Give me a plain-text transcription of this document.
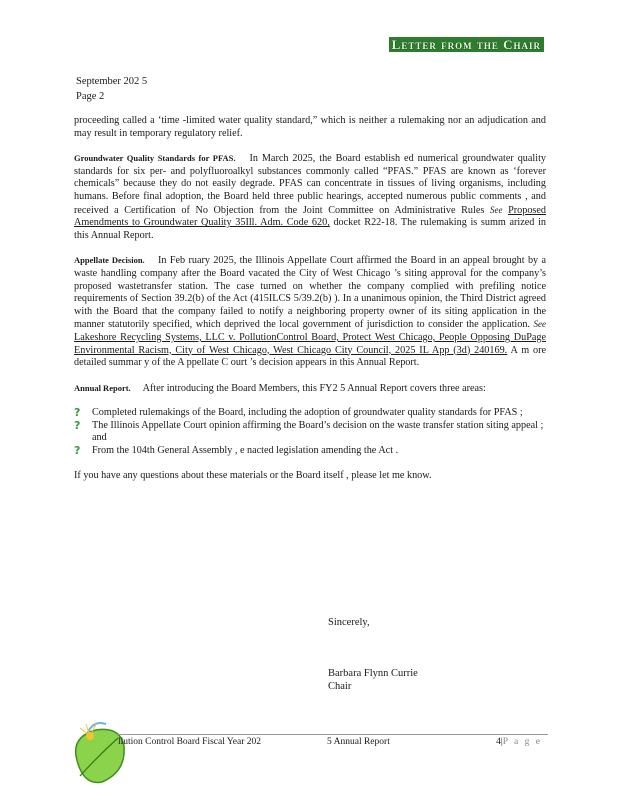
Letter from the Chair
September 202 5
Page 2

proceeding called a ‘time -limited water quality standard,” which is neither a rulemaking nor an adjudication and may result in temporary regulatory relief.

Groundwater Quality Standards for PFAS. In March 2025, the Board establish ed numerical groundwater quality standards for six per- and polyfluoroalkyl substances commonly called “PFAS.” PFAS are known as ‘forever chemicals” because they do not easily degrade. PFAS can concentrate in tissues of living organisms, including humans. Before final adoption, the Board held three public hearings, accepted numerous public comments , and received a Certification of No Objection from the Joint Committee on Administrative Rules See Proposed Amendments to Groundwater Quality 35Ill. Adm. Code 620, docket R22-18. The rulemaking is summ arized in this Annual Report.

Appellate Decision. In Feb ruary 2025, the Illinois Appellate Court affirmed the Board in an appeal brought by a waste handling company after the Board vacated the City of West Chicago ’s siting approval for the company’s proposed wastetransfer station. The case turned on whether the company complied with prefiling notice requirements of Section 39.2(b) of the Act (415ILCS 5/39.2(b) ). In a unanimous opinion, the Third District agreed with the Board that the company failed to notify a neighboring property owner of its siting application in the manner statutorily specified, which deprived the local government of jurisdiction to consider the application. See Lakeshore Recycling Systems, LLC v. PollutionControl Board, Protect West Chicago, People Opposing DuPage Environmental Racism, City of West Chicago, West Chicago City Council, 2025 IL App (3d) 240169. A m ore detailed summar y of the A ppellate C ourt ’s decision appears in this Annual Report.

Annual Report. After introducing the Board Members, this FY2 5 Annual Report covers three areas:

? Completed rulemakings of the Board, including the adoption of groundwater quality standards for PFAS ;
? The Illinois Appellate Court opinion affirming the Board’s decision on the waste transfer station siting appeal ; and
? From the 104th General Assembly , e nacted legislation amending the Act .

If you have any questions about these materials or the Board itself , please let me know.

Sincerely,
Barbara Flynn Currie
Chair
llution Control Board Fiscal Year 202	5 Annual Report	4|P a g e
